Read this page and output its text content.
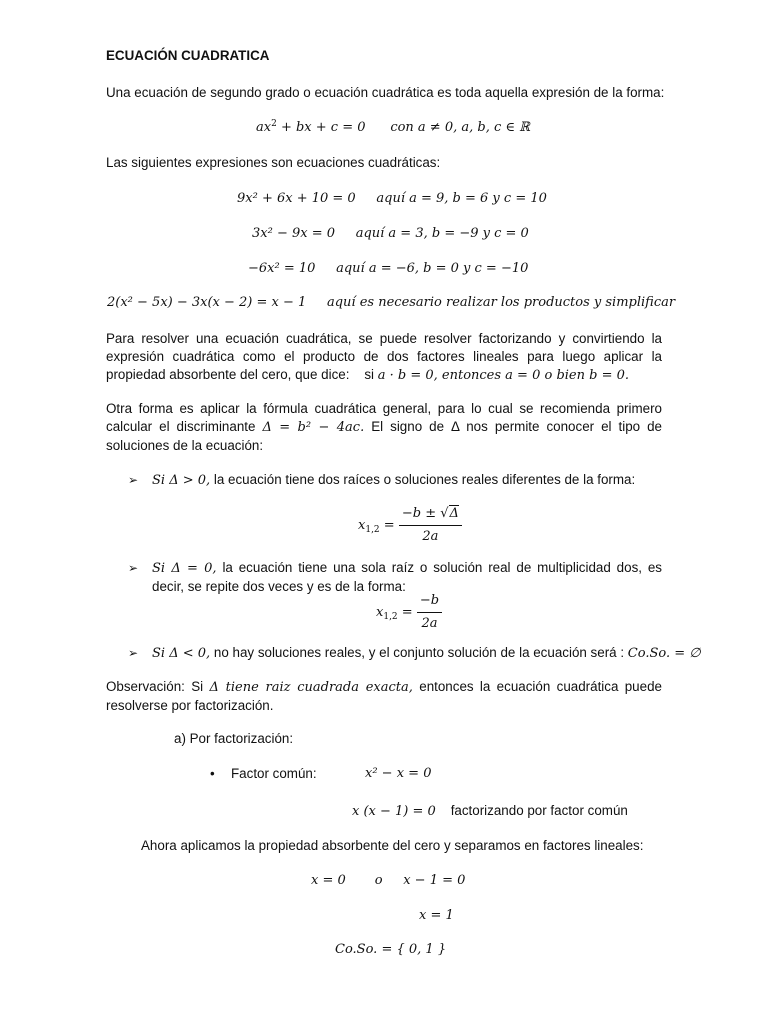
ECUACIÓN CUADRATICA
Una ecuación de segundo grado o ecuación cuadrática es toda aquella expresión de la forma:
$ax^2$ + bx + c = 0      con a ≠ 0, a, b, c ∈ ℝ
Las siguientes expresiones son ecuaciones cuadráticas:
9x² + 6x + 10 = 0 aquí a = 9, b = 6 y c = 10
3x² − 9x = 0 aquí a = 3, b = −9 y c = 0
−6x² = 10 aquí a = −6, b = 0 y c = −10
2(x² − 5x) − 3x(x − 2) = x − 1 aquí es necesario realizar los productos y simplificar
Para resolver una ecuación cuadrática, se puede resolver factorizando y convirtiendo la expresión cuadrática como el producto de dos factores lineales para luego aplicar la propiedad absorbente del cero, que dice: si a · b = 0, entonces a = 0 o bien b = 0.
Otra forma es aplicar la fórmula cuadrática general, para lo cual se recomienda primero calcular el discriminante Δ = b² − 4ac. El signo de Δ nos permite conocer el tipo de soluciones de la ecuación:
➢ Si Δ > 0, la ecuación tiene dos raíces o soluciones reales diferentes de la forma:
$x_{1,2} = \frac{-b \pm √\Delta}{2a}$
➢ Si Δ = 0, la ecuación tiene una sola raíz o solución real de multiplicidad dos, es decir, se repite dos veces y es de la forma:
$x_{1,2} = \frac{-b}{2a}$
➢ Si Δ < 0, no hay soluciones reales, y el conjunto solución de la ecuación será : Co.So. = ∅
Observación: Si Δ tiene raiz cuadrada exacta, entonces la ecuación cuadrática puede resolverse por factorización.
a) Por factorización:
• Factor común:	x² − x = 0
x (x − 1) = 0 factorizando por factor común
Ahora aplicamos la propiedad absorbente del cero y separamos en factores lineales:
x = 0 o x − 1 = 0
x = 1
Co.So. = { 0, 1 }
